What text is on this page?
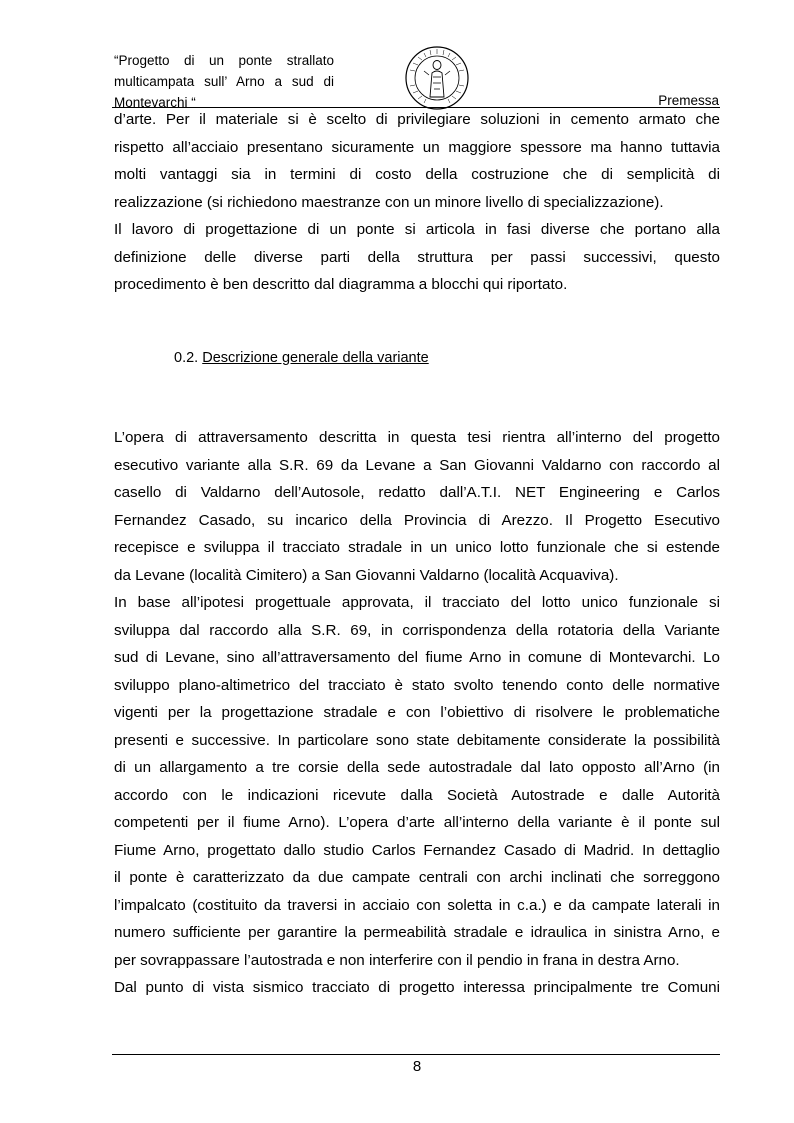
“Progetto di un ponte strallato
multicampata sull’ Arno a sud di
Montevarchi “	Premessa

d’arte. Per il materiale si è scelto di privilegiare soluzioni in cemento armato che
rispetto all’acciaio presentano sicuramente un maggiore spessore ma hanno tuttavia
molti vantaggi sia in termini di costo della costruzione che di semplicità di
realizzazione (si richiedono maestranze con un minore livello di specializzazione).

Il lavoro di progettazione di un ponte si articola in fasi diverse che portano alla
definizione delle diverse parti della struttura per passi successivi, questo
procedimento è ben descritto dal diagramma a blocchi qui riportato.

0.2. Descrizione generale della variante

L’opera di attraversamento descritta in questa tesi rientra all’interno del progetto
esecutivo variante alla S.R. 69 da Levane a San Giovanni Valdarno con raccordo al
casello di Valdarno dell’Autosole, redatto dall’A.T.I. NET Engineering e Carlos
Fernandez Casado, su incarico della Provincia di Arezzo. Il Progetto Esecutivo
recepisce e sviluppa il tracciato stradale in un unico lotto funzionale che si estende
da Levane (località Cimitero) a San Giovanni Valdarno (località Acquaviva).

In base all’ipotesi progettuale approvata, il tracciato del lotto unico funzionale si
sviluppa dal raccordo alla S.R. 69, in corrispondenza della rotatoria della Variante
sud di Levane, sino all’attraversamento del fiume Arno in comune di Montevarchi. Lo
sviluppo plano-altimetrico del tracciato è stato svolto tenendo conto delle normative
vigenti per la progettazione stradale e con l’obiettivo di risolvere le problematiche
presenti e successive. In particolare sono state debitamente considerate la possibilità
di un allargamento a tre corsie della sede autostradale dal lato opposto all’Arno (in
accordo con le indicazioni ricevute dalla Società Autostrade e dalle Autorità
competenti per il fiume Arno). L’opera d’arte all’interno della variante è il ponte sul
Fiume Arno, progettato dallo studio Carlos Fernandez Casado di Madrid. In dettaglio
il ponte è caratterizzato da due campate centrali con archi inclinati che sorreggono
l’impalcato (costituito da traversi in acciaio con soletta in c.a.) e da campate laterali in
numero sufficiente per garantire la permeabilità stradale e idraulica in sinistra Arno, e
per sovrappassare l’autostrada e non interferire con il pendio in frana in destra Arno.
Dal punto di vista sismico tracciato di progetto interessa principalmente tre Comuni

8
